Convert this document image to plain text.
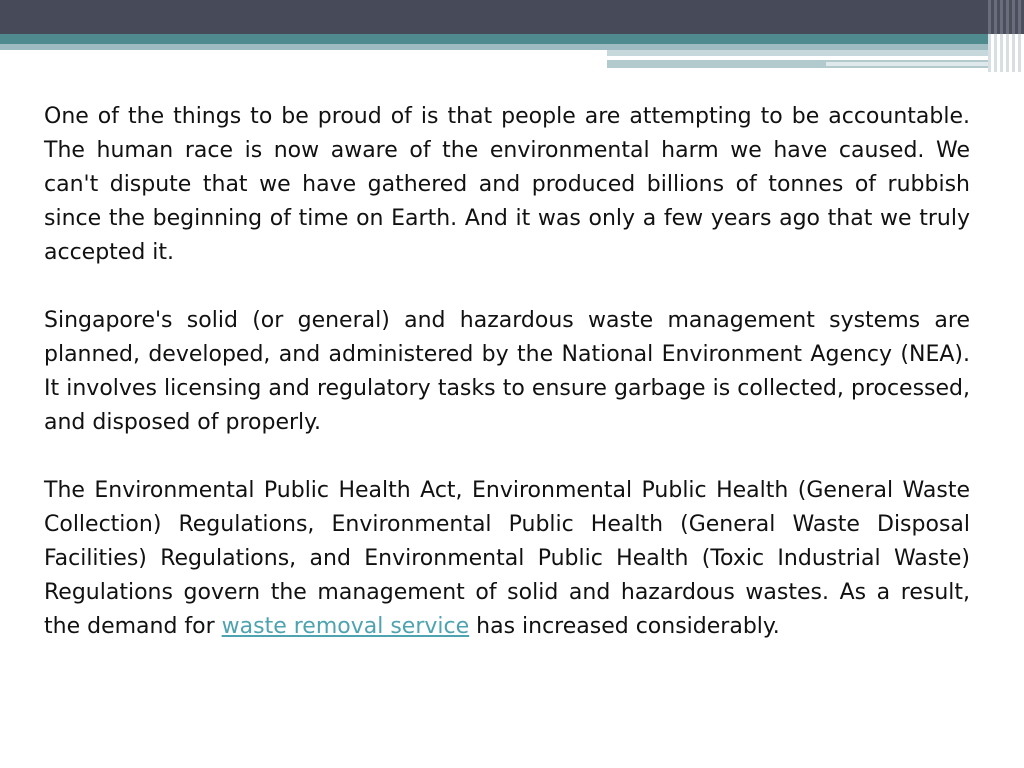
One of the things to be proud of is that people are attempting to be accountable. The human race is now aware of the environmental harm we have caused. We can't dispute that we have gathered and produced billions of tonnes of rubbish since the beginning of time on Earth. And it was only a few years ago that we truly accepted it.

Singapore's solid (or general) and hazardous waste management systems are planned, developed, and administered by the National Environment Agency (NEA). It involves licensing and regulatory tasks to ensure garbage is collected, processed, and disposed of properly.

The Environmental Public Health Act, Environmental Public Health (General Waste Collection) Regulations, Environmental Public Health (General Waste Disposal Facilities) Regulations, and Environmental Public Health (Toxic Industrial Waste) Regulations govern the management of solid and hazardous wastes. As a result, the demand for waste removal service has increased considerably.
